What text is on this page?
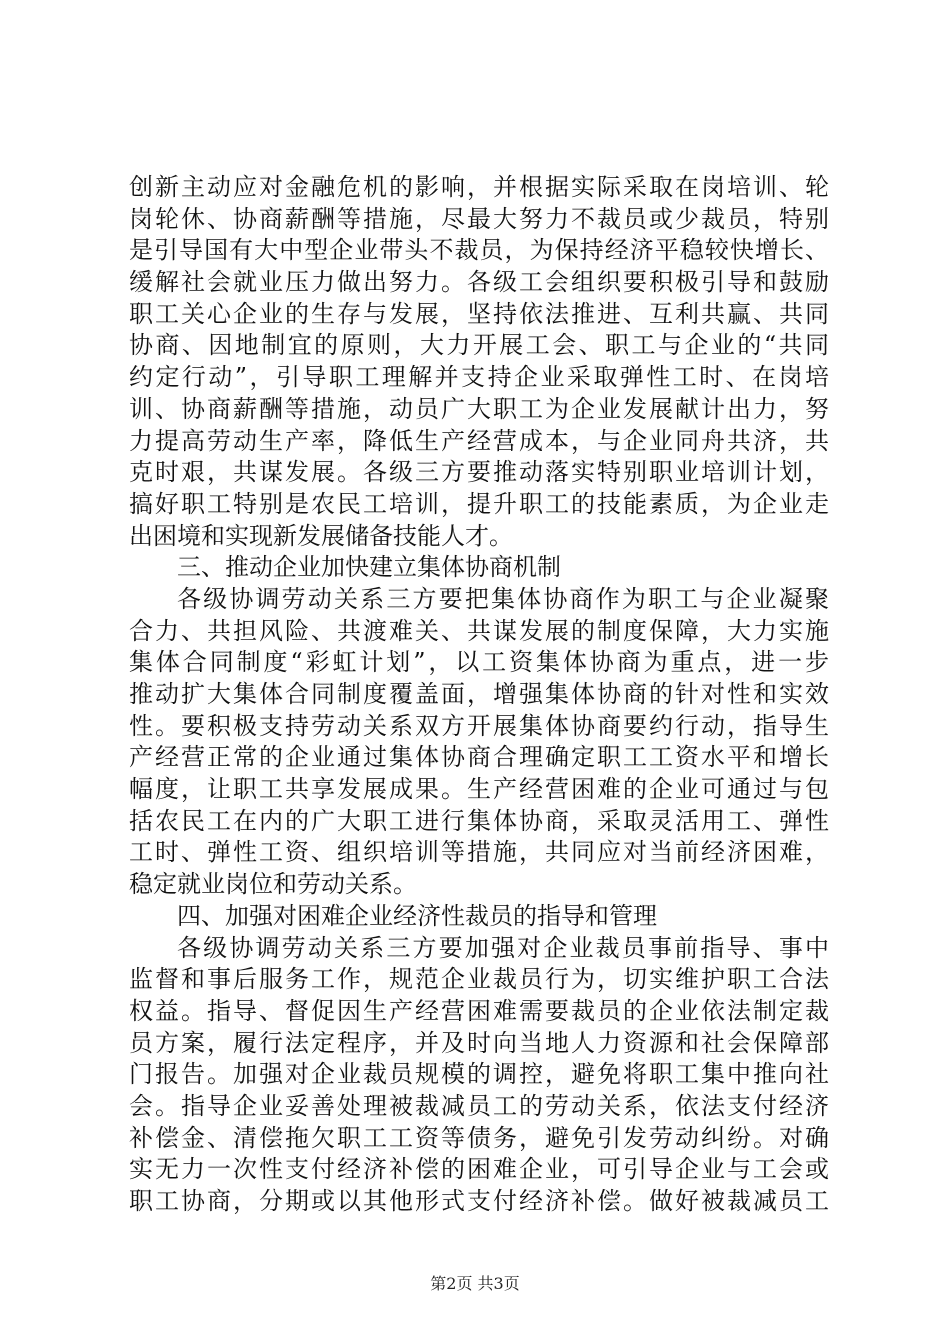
创新主动应对金融危机的影响，并根据实际采取在岗培训、轮
岗轮休、协商薪酬等措施，尽最大努力不裁员或少裁员，特别
是引导国有大中型企业带头不裁员，为保持经济平稳较快增长、
缓解社会就业压力做出努力。各级工会组织要积极引导和鼓励
职工关心企业的生存与发展，坚持依法推进、互利共赢、共同
协商、因地制宜的原则，大力开展工会、职工与企业的“共同
约定行动”，引导职工理解并支持企业采取弹性工时、在岗培
训、协商薪酬等措施，动员广大职工为企业发展献计出力，努
力提高劳动生产率，降低生产经营成本，与企业同舟共济，共
克时艰，共谋发展。各级三方要推动落实特别职业培训计划，
搞好职工特别是农民工培训，提升职工的技能素质，为企业走
出困境和实现新发展储备技能人才。
三、推动企业加快建立集体协商机制
各级协调劳动关系三方要把集体协商作为职工与企业凝聚
合力、共担风险、共渡难关、共谋发展的制度保障，大力实施
集体合同制度“彩虹计划”，以工资集体协商为重点，进一步
推动扩大集体合同制度覆盖面，增强集体协商的针对性和实效
性。要积极支持劳动关系双方开展集体协商要约行动，指导生
产经营正常的企业通过集体协商合理确定职工工资水平和增长
幅度，让职工共享发展成果。生产经营困难的企业可通过与包
括农民工在内的广大职工进行集体协商，采取灵活用工、弹性
工时、弹性工资、组织培训等措施，共同应对当前经济困难，
稳定就业岗位和劳动关系。
四、加强对困难企业经济性裁员的指导和管理
各级协调劳动关系三方要加强对企业裁员事前指导、事中
监督和事后服务工作，规范企业裁员行为，切实维护职工合法
权益。指导、督促因生产经营困难需要裁员的企业依法制定裁
员方案，履行法定程序，并及时向当地人力资源和社会保障部
门报告。加强对企业裁员规模的调控，避免将职工集中推向社
会。指导企业妥善处理被裁减员工的劳动关系，依法支付经济
补偿金、清偿拖欠职工工资等债务，避免引发劳动纠纷。对确
实无力一次性支付经济补偿的困难企业，可引导企业与工会或
职工协商，分期或以其他形式支付经济补偿。做好被裁减员工
第2页 共3页
